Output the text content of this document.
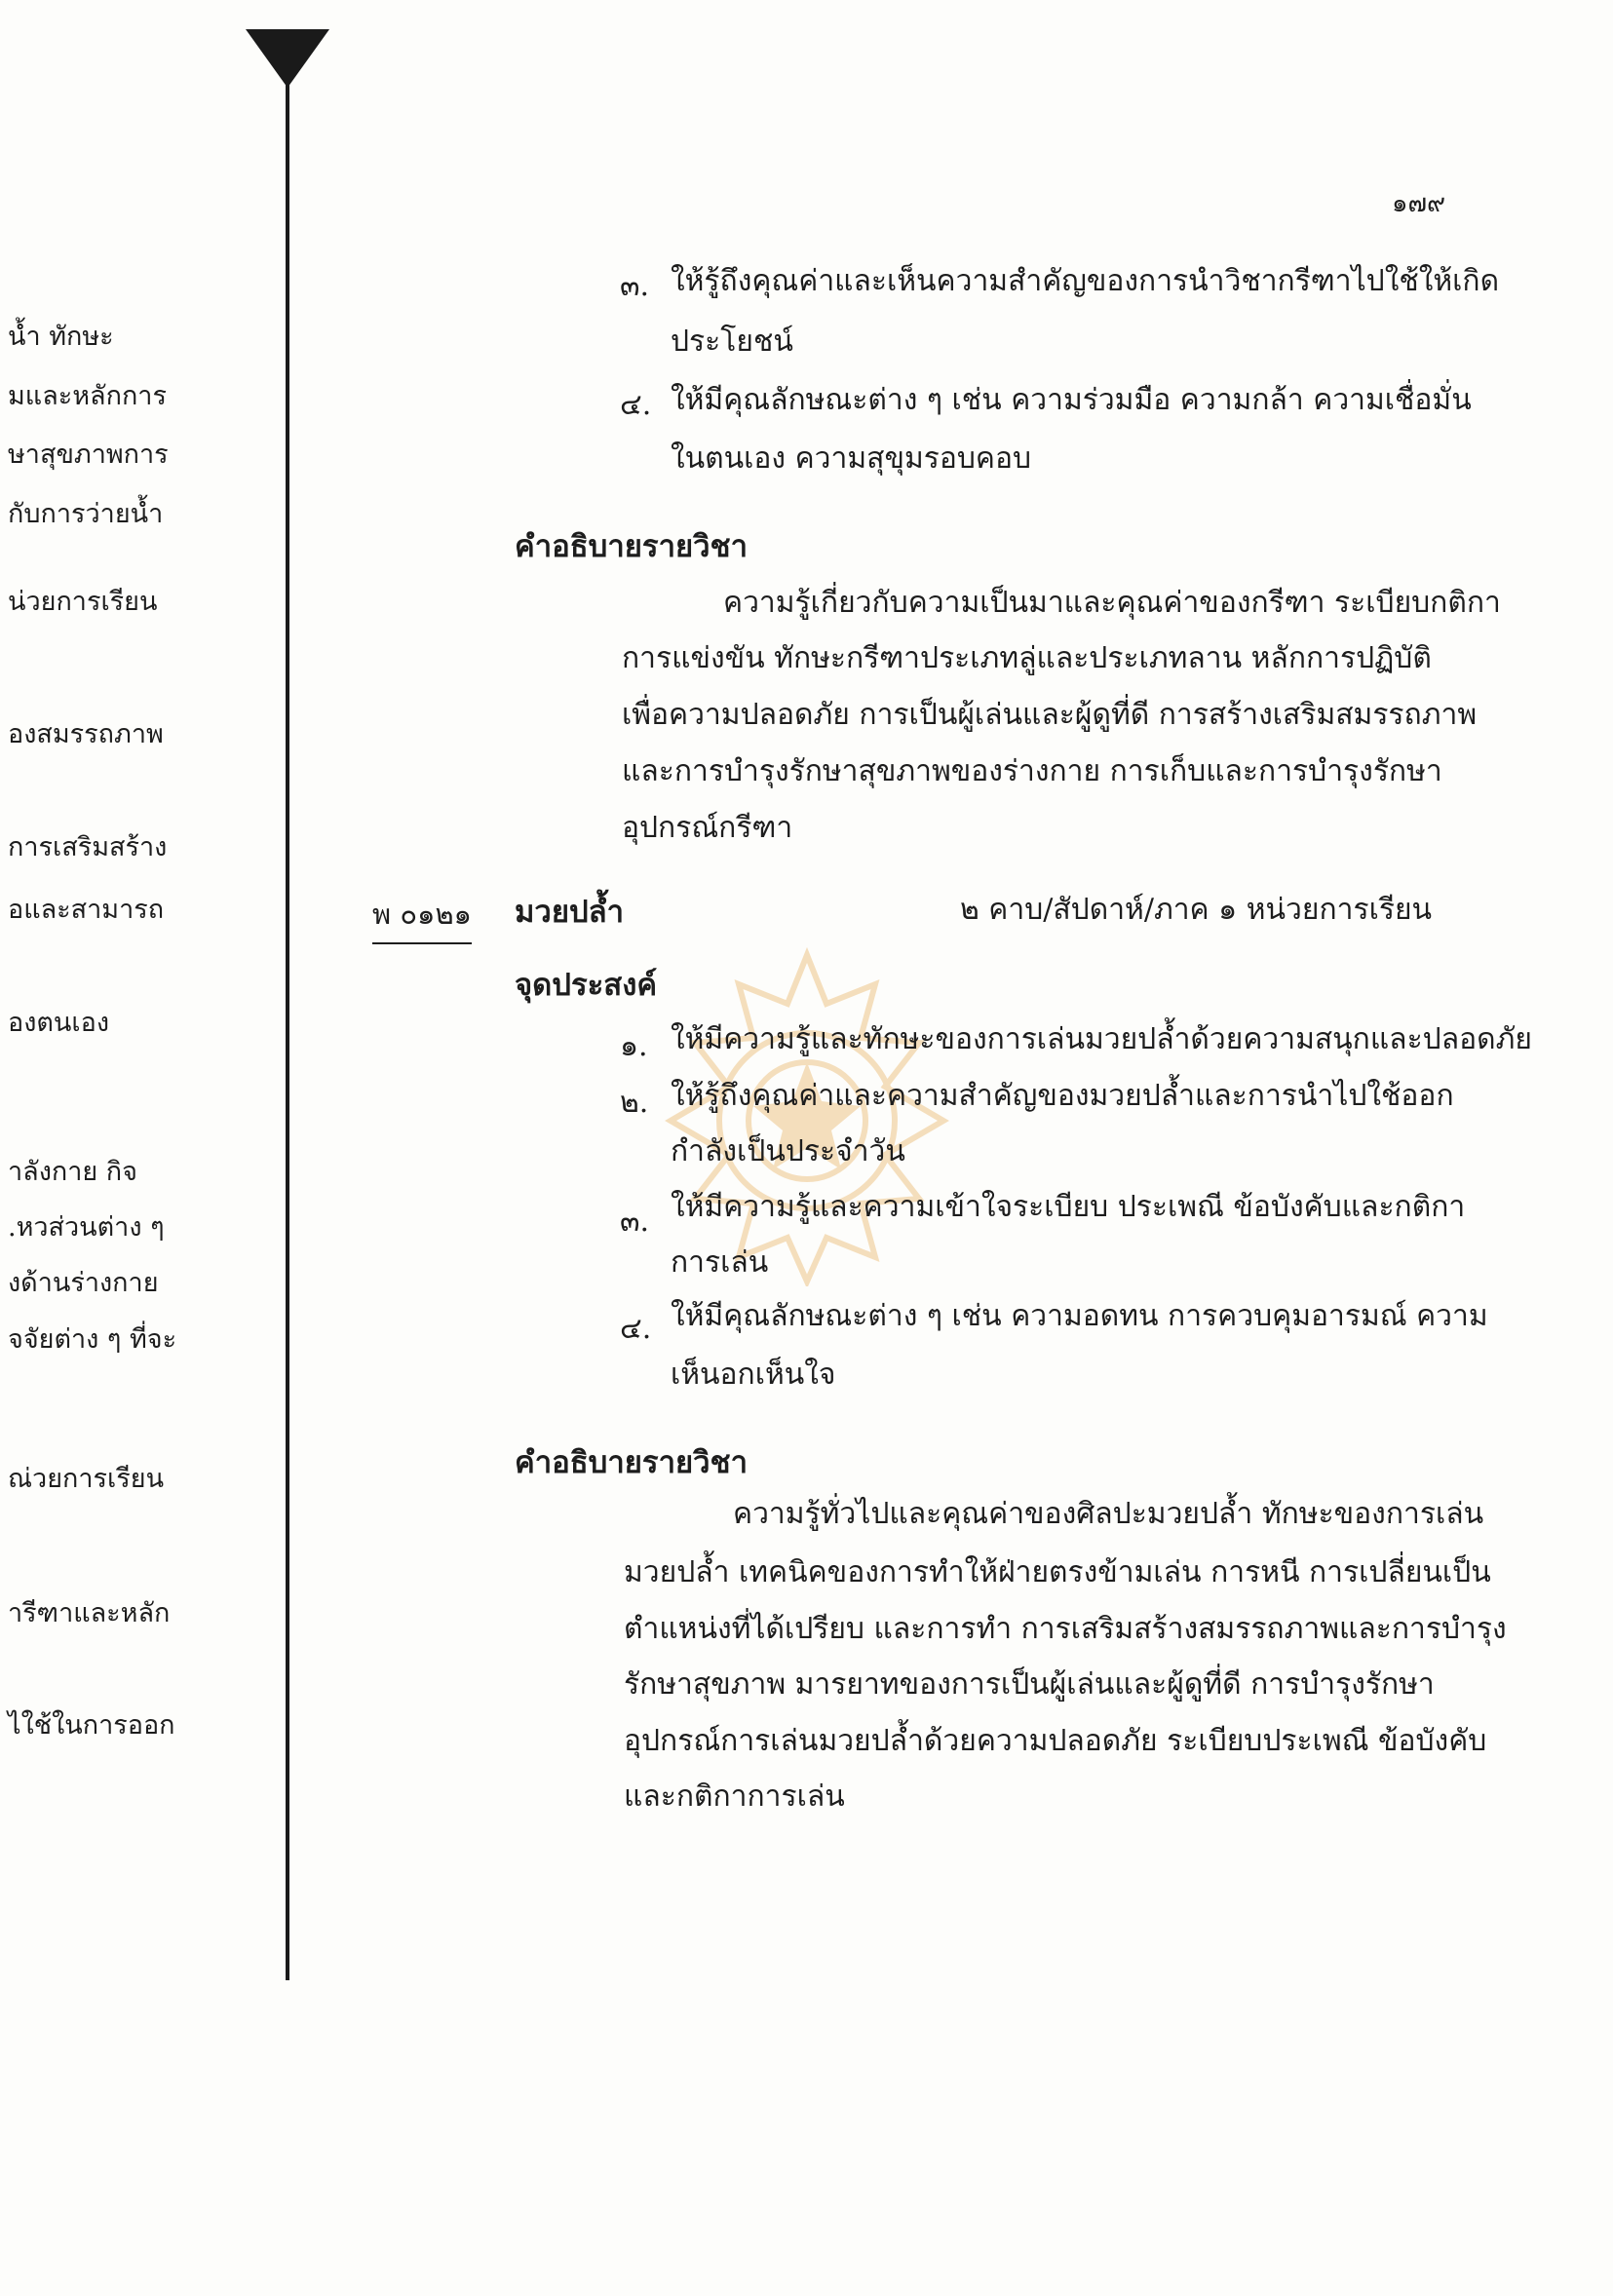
น้ำ ทักษะ
มและหลักการ
ษาสุขภาพการ
กับการว่ายน้ำ
น่วยการเรียน
องสมรรถภาพ
การเสริมสร้าง
อและสามารถ
องตนเอง
าลังกาย กิจ
.หวส่วนต่าง ๆ
งด้านร่างกาย
จจัยต่าง ๆ ที่จะ
ณ่วยการเรียน
ารีฑาและหลัก
ไใช้ในการออก
๑๗๙
๓. ให้รู้ถึงคุณค่าและเห็นความสำคัญของการนำวิชากรีฑาไปใช้ให้เกิด
ประโยชน์
๔. ให้มีคุณลักษณะต่าง ๆ เช่น ความร่วมมือ ความกล้า ความเชื่อมั่น
ในตนเอง ความสุขุมรอบคอบ
คำอธิบายรายวิชา
ความรู้เกี่ยวกับความเป็นมาและคุณค่าของกรีฑา ระเบียบกติกา
การแข่งขัน ทักษะกรีฑาประเภทลู่และประเภทลาน หลักการปฏิบัติ
เพื่อความปลอดภัย การเป็นผู้เล่นและผู้ดูที่ดี การสร้างเสริมสมรรถภาพ
และการบำรุงรักษาสุขภาพของร่างกาย การเก็บและการบำรุงรักษา
อุปกรณ์กรีฑา
พ ๐๑๒๑ มวยปล้ำ	๒ คาบ/สัปดาห์/ภาค ๑ หน่วยการเรียน
จุดประสงค์
๑. ให้มีความรู้และทักษะของการเล่นมวยปล้ำด้วยความสนุกและปลอดภัย
๒. ให้รู้ถึงคุณค่าและความสำคัญของมวยปล้ำและการนำไปใช้ออก
กำลังเป็นประจำวัน
๓. ให้มีความรู้และความเข้าใจระเบียบ ประเพณี ข้อบังคับและกติกา
การเล่น
๔. ให้มีคุณลักษณะต่าง ๆ เช่น ความอดทน การควบคุมอารมณ์ ความ
เห็นอกเห็นใจ
คำอธิบายรายวิชา
ความรู้ทั่วไปและคุณค่าของศิลปะมวยปล้ำ ทักษะของการเล่น
มวยปล้ำ เทคนิคของการทำให้ฝ่ายตรงข้ามเล่น การหนี การเปลี่ยนเป็น
ตำแหน่งที่ได้เปรียบ และการทำ การเสริมสร้างสมรรถภาพและการบำรุง
รักษาสุขภาพ มารยาทของการเป็นผู้เล่นและผู้ดูที่ดี การบำรุงรักษา
อุปกรณ์การเล่นมวยปล้ำด้วยความปลอดภัย ระเบียบประเพณี ข้อบังคับ
และกติกาการเล่น
